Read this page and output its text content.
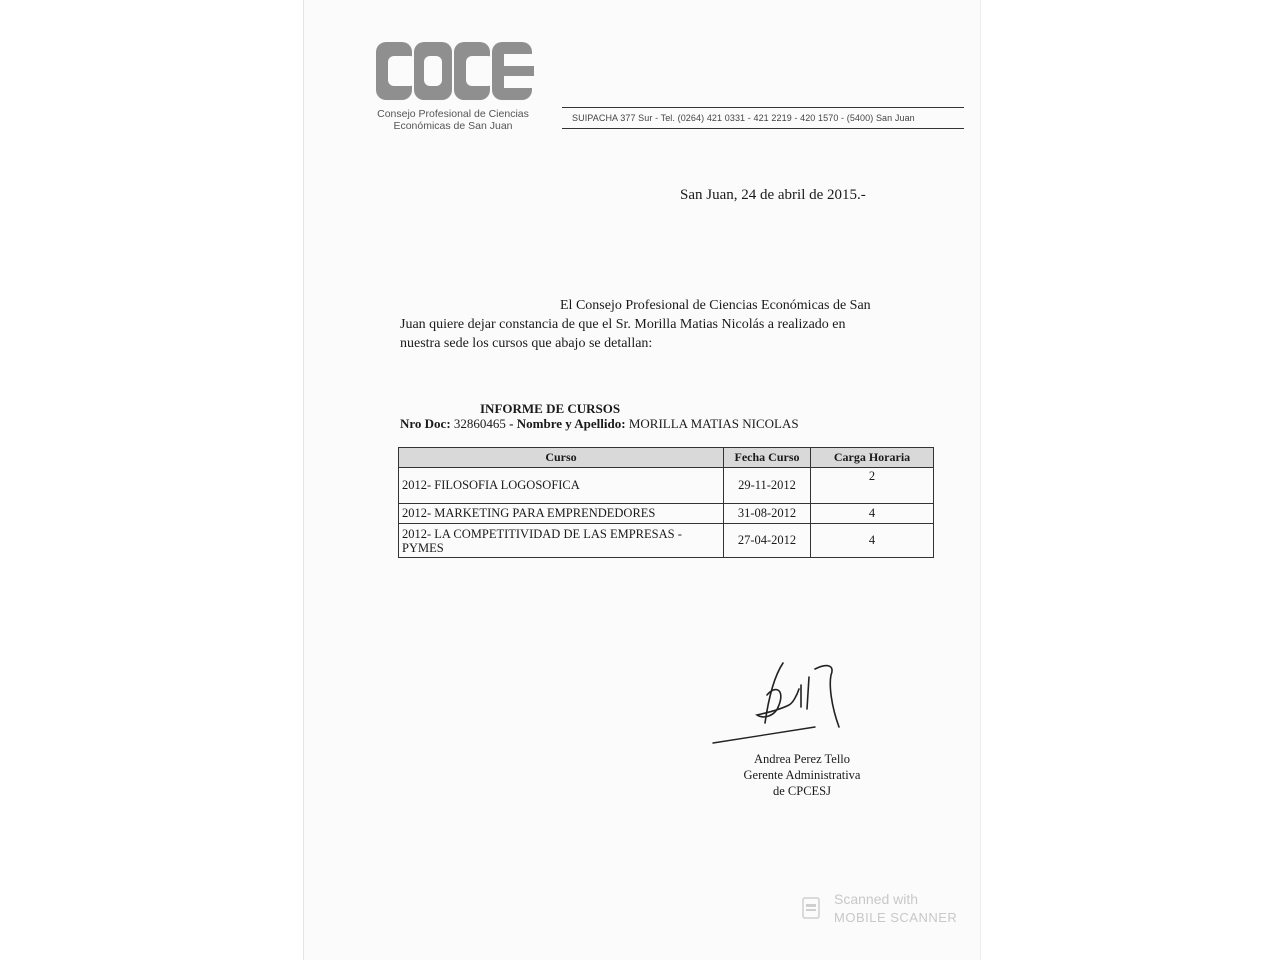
Consejo Profesional de Ciencias
Económicas de San Juan
SUIPACHA 377 Sur - Tel. (0264) 421 0331 - 421 2219 - 420 1570 - (5400) San Juan
San Juan, 24 de abril de 2015.-
El Consejo Profesional de Ciencias Económicas de San
Juan quiere dejar constancia de que el Sr. Morilla Matias Nicolás a realizado en
nuestra sede los cursos que abajo se detallan:
INFORME DE CURSOS
Nro Doc: 32860465 - Nombre y Apellido: MORILLA MATIAS NICOLAS
Curso	Fecha Curso	Carga Horaria
2012- FILOSOFIA LOGOSOFICA	29-11-2012	2
2012- MARKETING PARA EMPRENDEDORES	31-08-2012	4
2012- LA COMPETITIVIDAD DE LAS EMPRESAS - PYMES	27-04-2012	4
Andrea Perez Tello
Gerente Administrativa
de CPCESJ
Scanned with
MOBILE SCANNER
